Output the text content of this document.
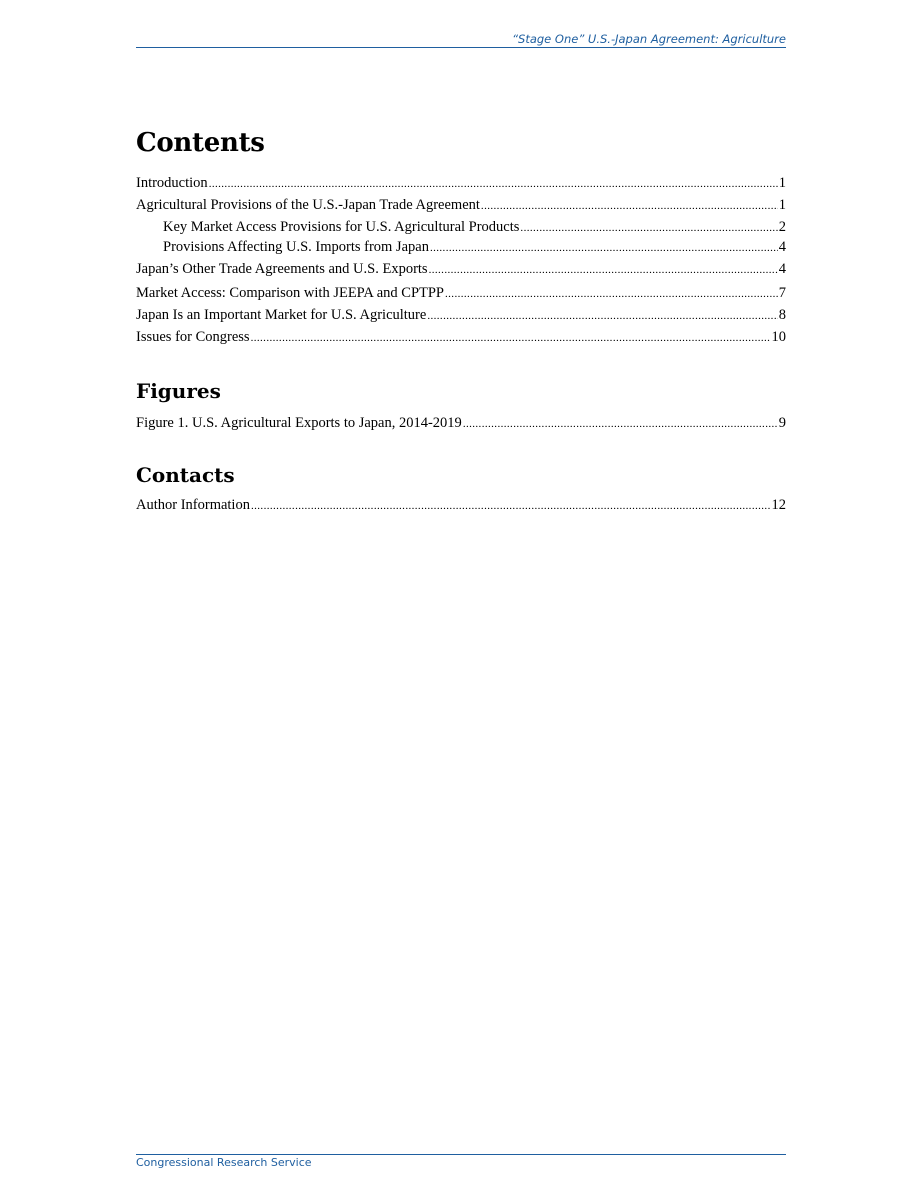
“Stage One” U.S.-Japan Agreement: Agriculture
Contents
Introduction .....	1
Agricultural Provisions of the U.S.-Japan Trade Agreement .....	1
Key Market Access Provisions for U.S. Agricultural Products .....	2
Provisions Affecting U.S. Imports from Japan .....	4
Japan’s Other Trade Agreements and U.S. Exports .....	4
Market Access: Comparison with JEEPA and CPTPP .....	7
Japan Is an Important Market for U.S. Agriculture .....	8
Issues for Congress .....	10
Figures
Figure 1. U.S. Agricultural Exports to Japan, 2014-2019 .....	9
Contacts
Author Information .....	12
Congressional Research Service
